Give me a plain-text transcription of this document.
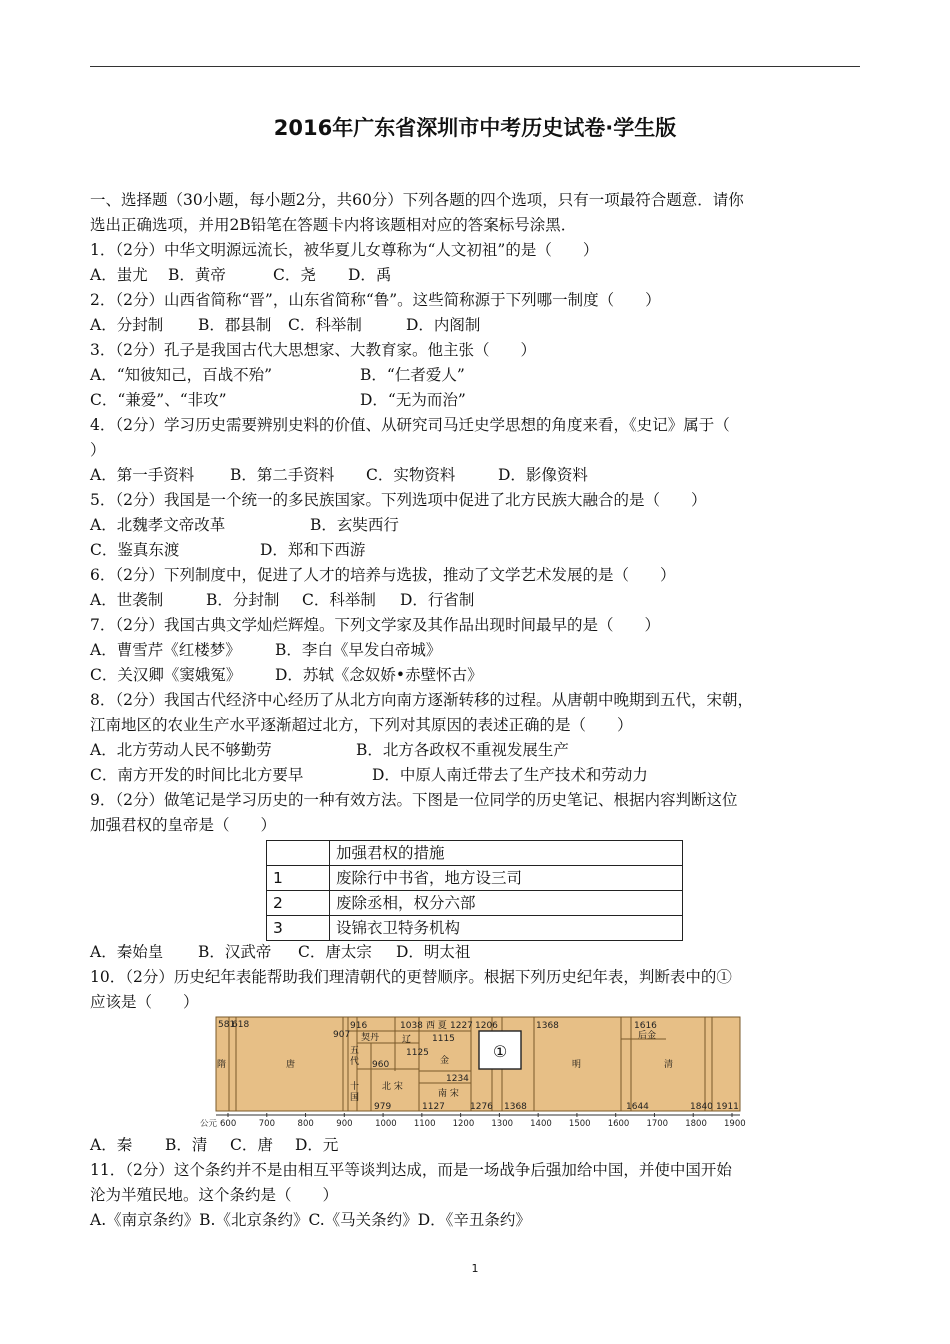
2016年广东省深圳市中考历史试卷·学生版

一、选择题（30小题，每小题2分，共60分）下列各题的四个选项，只有一项最符合题意．请你

选出正确选项，并用2B铅笔在答题卡内将该题相对应的答案标号涂黑．

1．（2分）中华文明源远流长，被华夏儿女尊称为“人文初祖”的是（　　）

A．蚩尤 B．黄帝	C．尧 D．禹

2．（2分）山西省简称“晋”，山东省简称“鲁”。这些简称源于下列哪一制度（　　）

A．分封制 B．郡县制 C．科举制	D．内阁制

3．（2分）孔子是我国古代大思想家、大教育家。他主张（　　）

A．“知彼知己，百战不殆”	B．“仁者爱人”

C．“兼爱”、“非攻”	D．“无为而治”

4．（2分）学习历史需要辨别史料的价值、从研究司马迁史学思想的角度来看，《史记》属于（

）

A．第一手资料 B．第二手资料 C．实物资料	D．影像资料

5．（2分）我国是一个统一的多民族国家。下列选项中促进了北方民族大融合的是（　　）

A．北魏孝文帝改革	B．玄奘西行

C．鉴真东渡	D．郑和下西游

6．（2分）下列制度中，促进了人才的培养与选拔，推动了文学艺术发展的是（　　）

A．世袭制	B．分封制 C．科举制 D．行省制

7．（2分）我国古典文学灿烂辉煌。下列文学家及其作品出现时间最早的是（　　）

A．曹雪芹《红楼梦》 B．李白《早发白帝城》

C．关汉卿《窦娥冤》 D．苏轼《念奴娇•赤壁怀古》

8．（2分）我国古代经济中心经历了从北方向南方逐渐转移的过程。从唐朝中晚期到五代，宋朝，

江南地区的农业生产水平逐渐超过北方，下列对其原因的表述正确的是（　　）

A．北方劳动人民不够勤劳	B．北方各政权不重视发展生产

C．南方开发的时间比北方要早	D．中原人南迁带去了生产技术和劳动力

9．（2分）做笔记是学习历史的一种有效方法。下图是一位同学的历史笔记、根据内容判断这位

加强君权的皇帝是（　　）

	加强君权的措施
1	废除行中书省，地方设三司
2	废除丞相，权分六部
3	设锦衣卫特务机构

A．秦始皇 B．汉武帝 C．唐太宗 D．明太祖

10．（2分）历史纪年表能帮助我们理清朝代的更替顺序。根据下列历史纪年表，判断表中的①

应该是（　　）

①
581
618
907
916	1038	1227 1206
1115
1125
960
1234
979	1127	1276 1368
1368	1616
1644	1840 1911
隋	唐
契丹	辽
西 夏
金
五
代
十
国
北 宋
南 宋
明
后金
清
公元 600	700	800	900	1000 1100 1200 1300 1400 1500 1600 1700 1800 1900

A．秦 B．清 C．唐 D．元

11．（2分）这个条约并不是由相互平等谈判达成，而是一场战争后强加给中国，并使中国开始

沦为半殖民地。这个条约是（　　）

A.《南京条约》B.《北京条约》C.《马关条约》D．《辛丑条约》

1
